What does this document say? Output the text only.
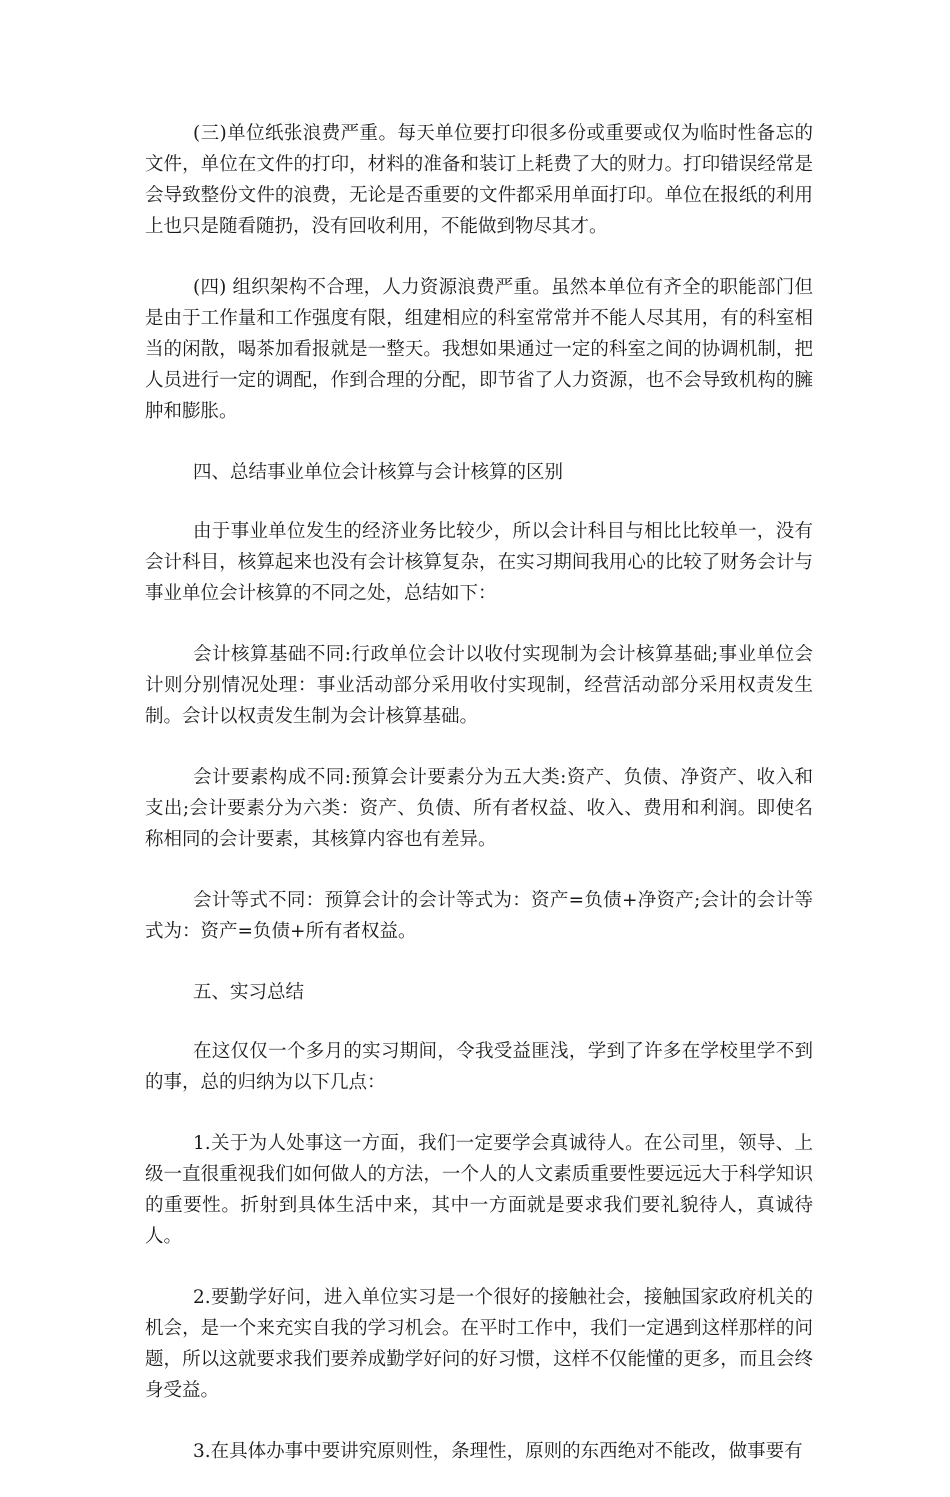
(三)单位纸张浪费严重。每天单位要打印很多份或重要或仅为临时性备忘的文件，单位在文件的打印，材料的准备和装订上耗费了大的财力。打印错误经常是会导致整份文件的浪费，无论是否重要的文件都采用单面打印。单位在报纸的利用上也只是随看随扔，没有回收利用，不能做到物尽其才。

(四) 组织架构不合理，人力资源浪费严重。虽然本单位有齐全的职能部门但是由于工作量和工作强度有限，组建相应的科室常常并不能人尽其用，有的科室相当的闲散，喝茶加看报就是一整天。我想如果通过一定的科室之间的协调机制，把人员进行一定的调配，作到合理的分配，即节省了人力资源，也不会导致机构的臃肿和膨胀。

四、总结事业单位会计核算与会计核算的区别

由于事业单位发生的经济业务比较少，所以会计科目与相比比较单一，没有会计科目，核算起来也没有会计核算复杂，在实习期间我用心的比较了财务会计与事业单位会计核算的不同之处，总结如下：

会计核算基础不同:行政单位会计以收付实现制为会计核算基础;事业单位会计则分别情况处理：事业活动部分采用收付实现制，经营活动部分采用权责发生制。会计以权责发生制为会计核算基础。

会计要素构成不同:预算会计要素分为五大类:资产、负债、净资产、收入和支出;会计要素分为六类：资产、负债、所有者权益、收入、费用和利润。即使名称相同的会计要素，其核算内容也有差异。

会计等式不同：预算会计的会计等式为：资产=负债+净资产;会计的会计等式为：资产=负债+所有者权益。

五、实习总结

在这仅仅一个多月的实习期间，令我受益匪浅，学到了许多在学校里学不到的事，总的归纳为以下几点：

1.关于为人处事这一方面，我们一定要学会真诚待人。在公司里，领导、上级一直很重视我们如何做人的方法，一个人的人文素质重要性要远远大于科学知识的重要性。折射到具体生活中来，其中一方面就是要求我们要礼貌待人，真诚待人。

2.要勤学好问，进入单位实习是一个很好的接触社会，接触国家政府机关的机会，是一个来充实自我的学习机会。在平时工作中，我们一定遇到这样那样的问题，所以这就要求我们要养成勤学好问的好习惯，这样不仅能懂的更多，而且会终身受益。

3.在具体办事中要讲究原则性，条理性，原则的东西绝对不能改，做事要有
